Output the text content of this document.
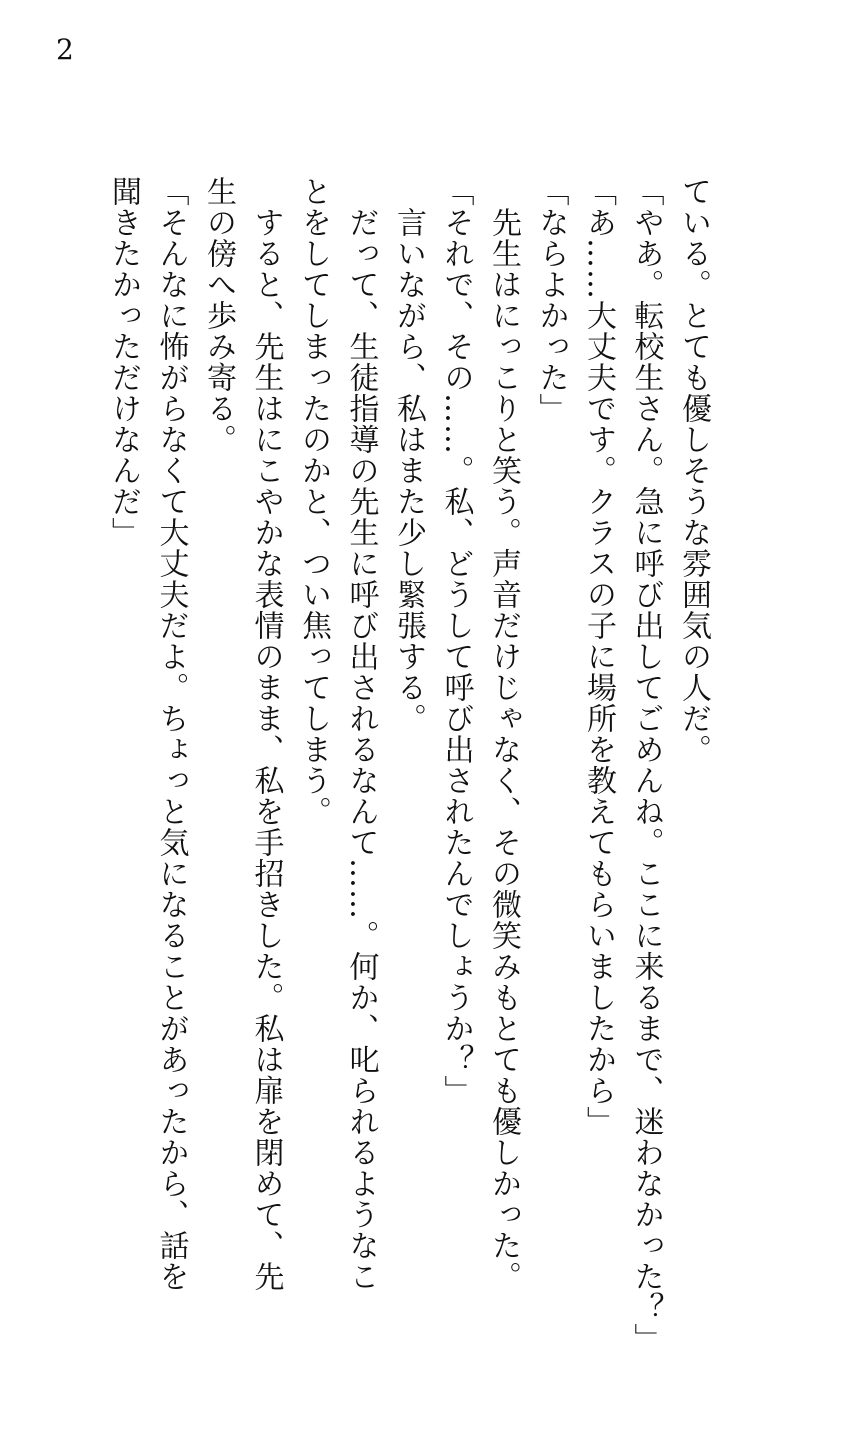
2
ている。とても優しそうな雰囲気の人だ。
「やあ。転校生さん。急に呼び出してごめんね。ここに来るまで、迷わなかった？」
「あ……大丈夫です。クラスの子に場所を教えてもらいましたから」
「ならよかった」
　先生はにっこりと笑う。声音だけじゃなく、その微笑みもとても優しかった。
「それで、その……。私、どうして呼び出されたんでしょうか？」
　言いながら、私はまた少し緊張する。
　だって、生徒指導の先生に呼び出されるなんて……。何か、叱られるようなこ
とをしてしまったのかと、つい焦ってしまう。
　すると、先生はにこやかな表情のまま、私を手招きした。私は扉を閉めて、先
生の傍へ歩み寄る。
「そんなに怖がらなくて大丈夫だよ。ちょっと気になることがあったから、話を
聞きたかっただけなんだ」
